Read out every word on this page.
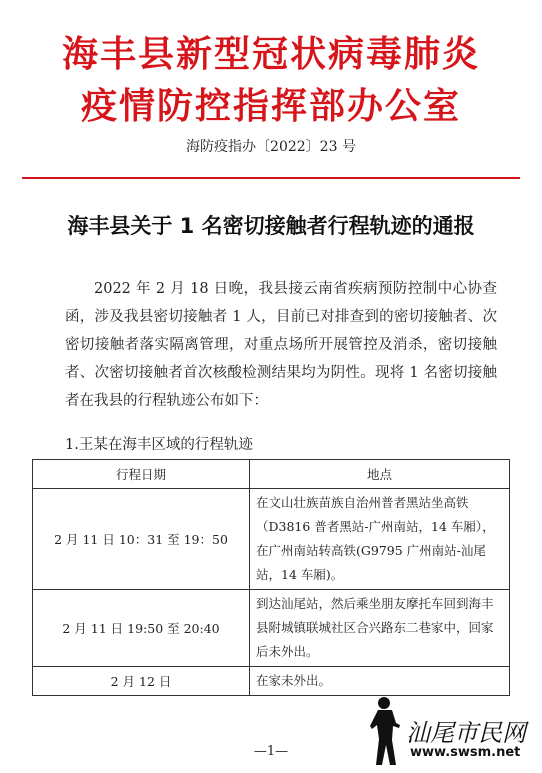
海丰县新型冠状病毒肺炎
疫情防控指挥部办公室
海防疫指办〔2022〕23 号
海丰县关于 1 名密切接触者行程轨迹的通报
2022 年 2 月 18 日晚，我县接云南省疾病预防控制中心协查函，涉及我县密切接触者 1 人，目前已对排查到的密切接触者、次密切接触者落实隔离管理，对重点场所开展管控及消杀，密切接触者、次密切接触者首次核酸检测结果均为阴性。现将 1 名密切接触者在我县的行程轨迹公布如下：
1.王某在海丰区域的行程轨迹
行程日期	地点
2 月 11 日 10：31 至 19：50	在文山壮族苗族自治州普者黑站坐高铁（D3816 普者黑站-广州南站，14 车厢），在广州南站转高铁(G9795 广州南站-汕尾站，14 车厢)。
2 月 11 日 19:50 至 20:40	到达汕尾站，然后乘坐朋友摩托车回到海丰县附城镇联城社区合兴路东二巷家中，回家后未外出。
2 月 12 日	在家未外出。
—1—
汕尾市民网
www.swsm.net
